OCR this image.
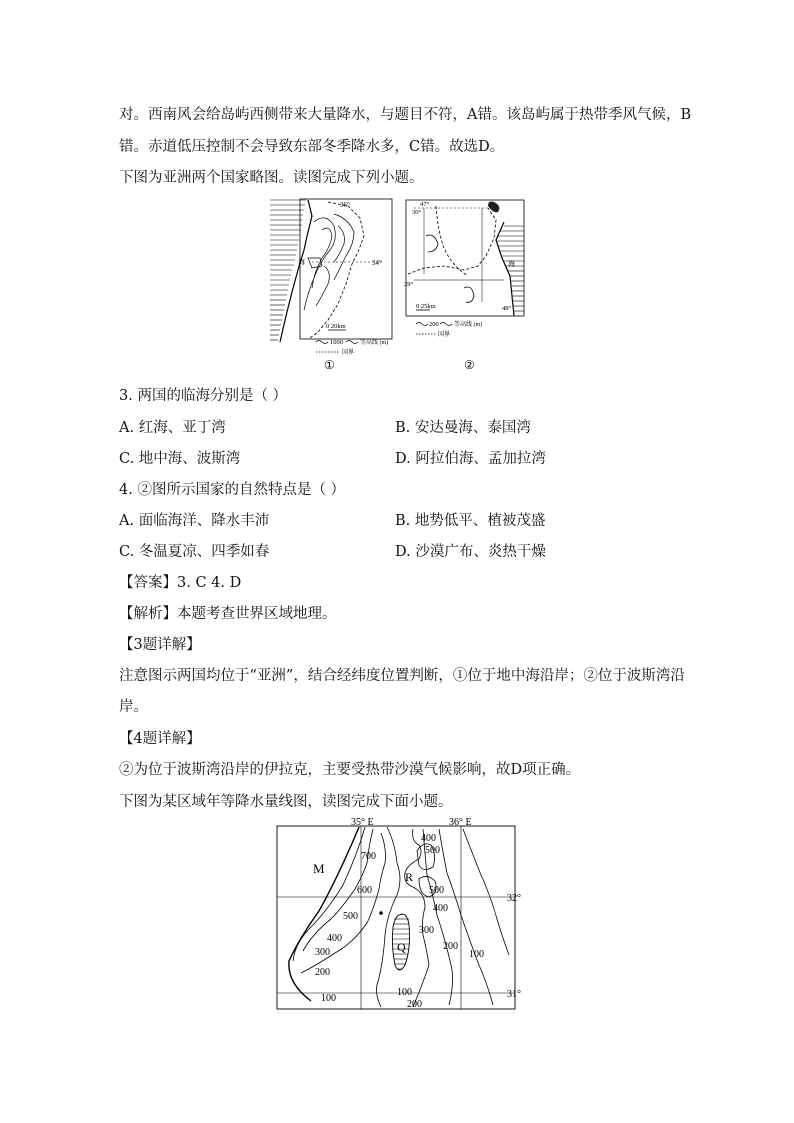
对。西南风会给岛屿西侧带来大量降水，与题目不符，A错。该岛屿属于热带季风气候，B
错。赤道低压控制不会导致东部冬季降水多，C错。故选D。
下图为亚洲两个国家略图。读图完成下列小题。
36°
34°
海
0 20km
1000	等高线 (m)
国界
①
47°
30°
29°
48°
海
0 25km
200	等高线 (m)
国界
②
3. 两国的临海分别是（ ）
A. 红海、亚丁湾	B. 安达曼海、泰国湾
C. 地中海、波斯湾	D. 阿拉伯海、孟加拉湾
4. ②图所示国家的自然特点是（ ）
A. 面临海洋、降水丰沛	B. 地势低平、植被茂盛
C. 冬温夏凉、四季如春	D. 沙漠广布、炎热干燥
【答案】3. C 4. D
【解析】本题考查世界区域地理。
【3题详解】
注意图示两国均位于“亚洲”，结合经纬度位置判断，①位于地中海沿岸；②位于波斯湾沿
岸。
【4题详解】
②为位于波斯湾沿岸的伊拉克，主要受热带沙漠气候影响，故D项正确。
下图为某区域年等降水量线图，读图完成下面小题。
35° E	36° E
32°
31°
M
R
Q
700
600
500
400
300
200
100
400
500
500
400
300
200
100
100
200
